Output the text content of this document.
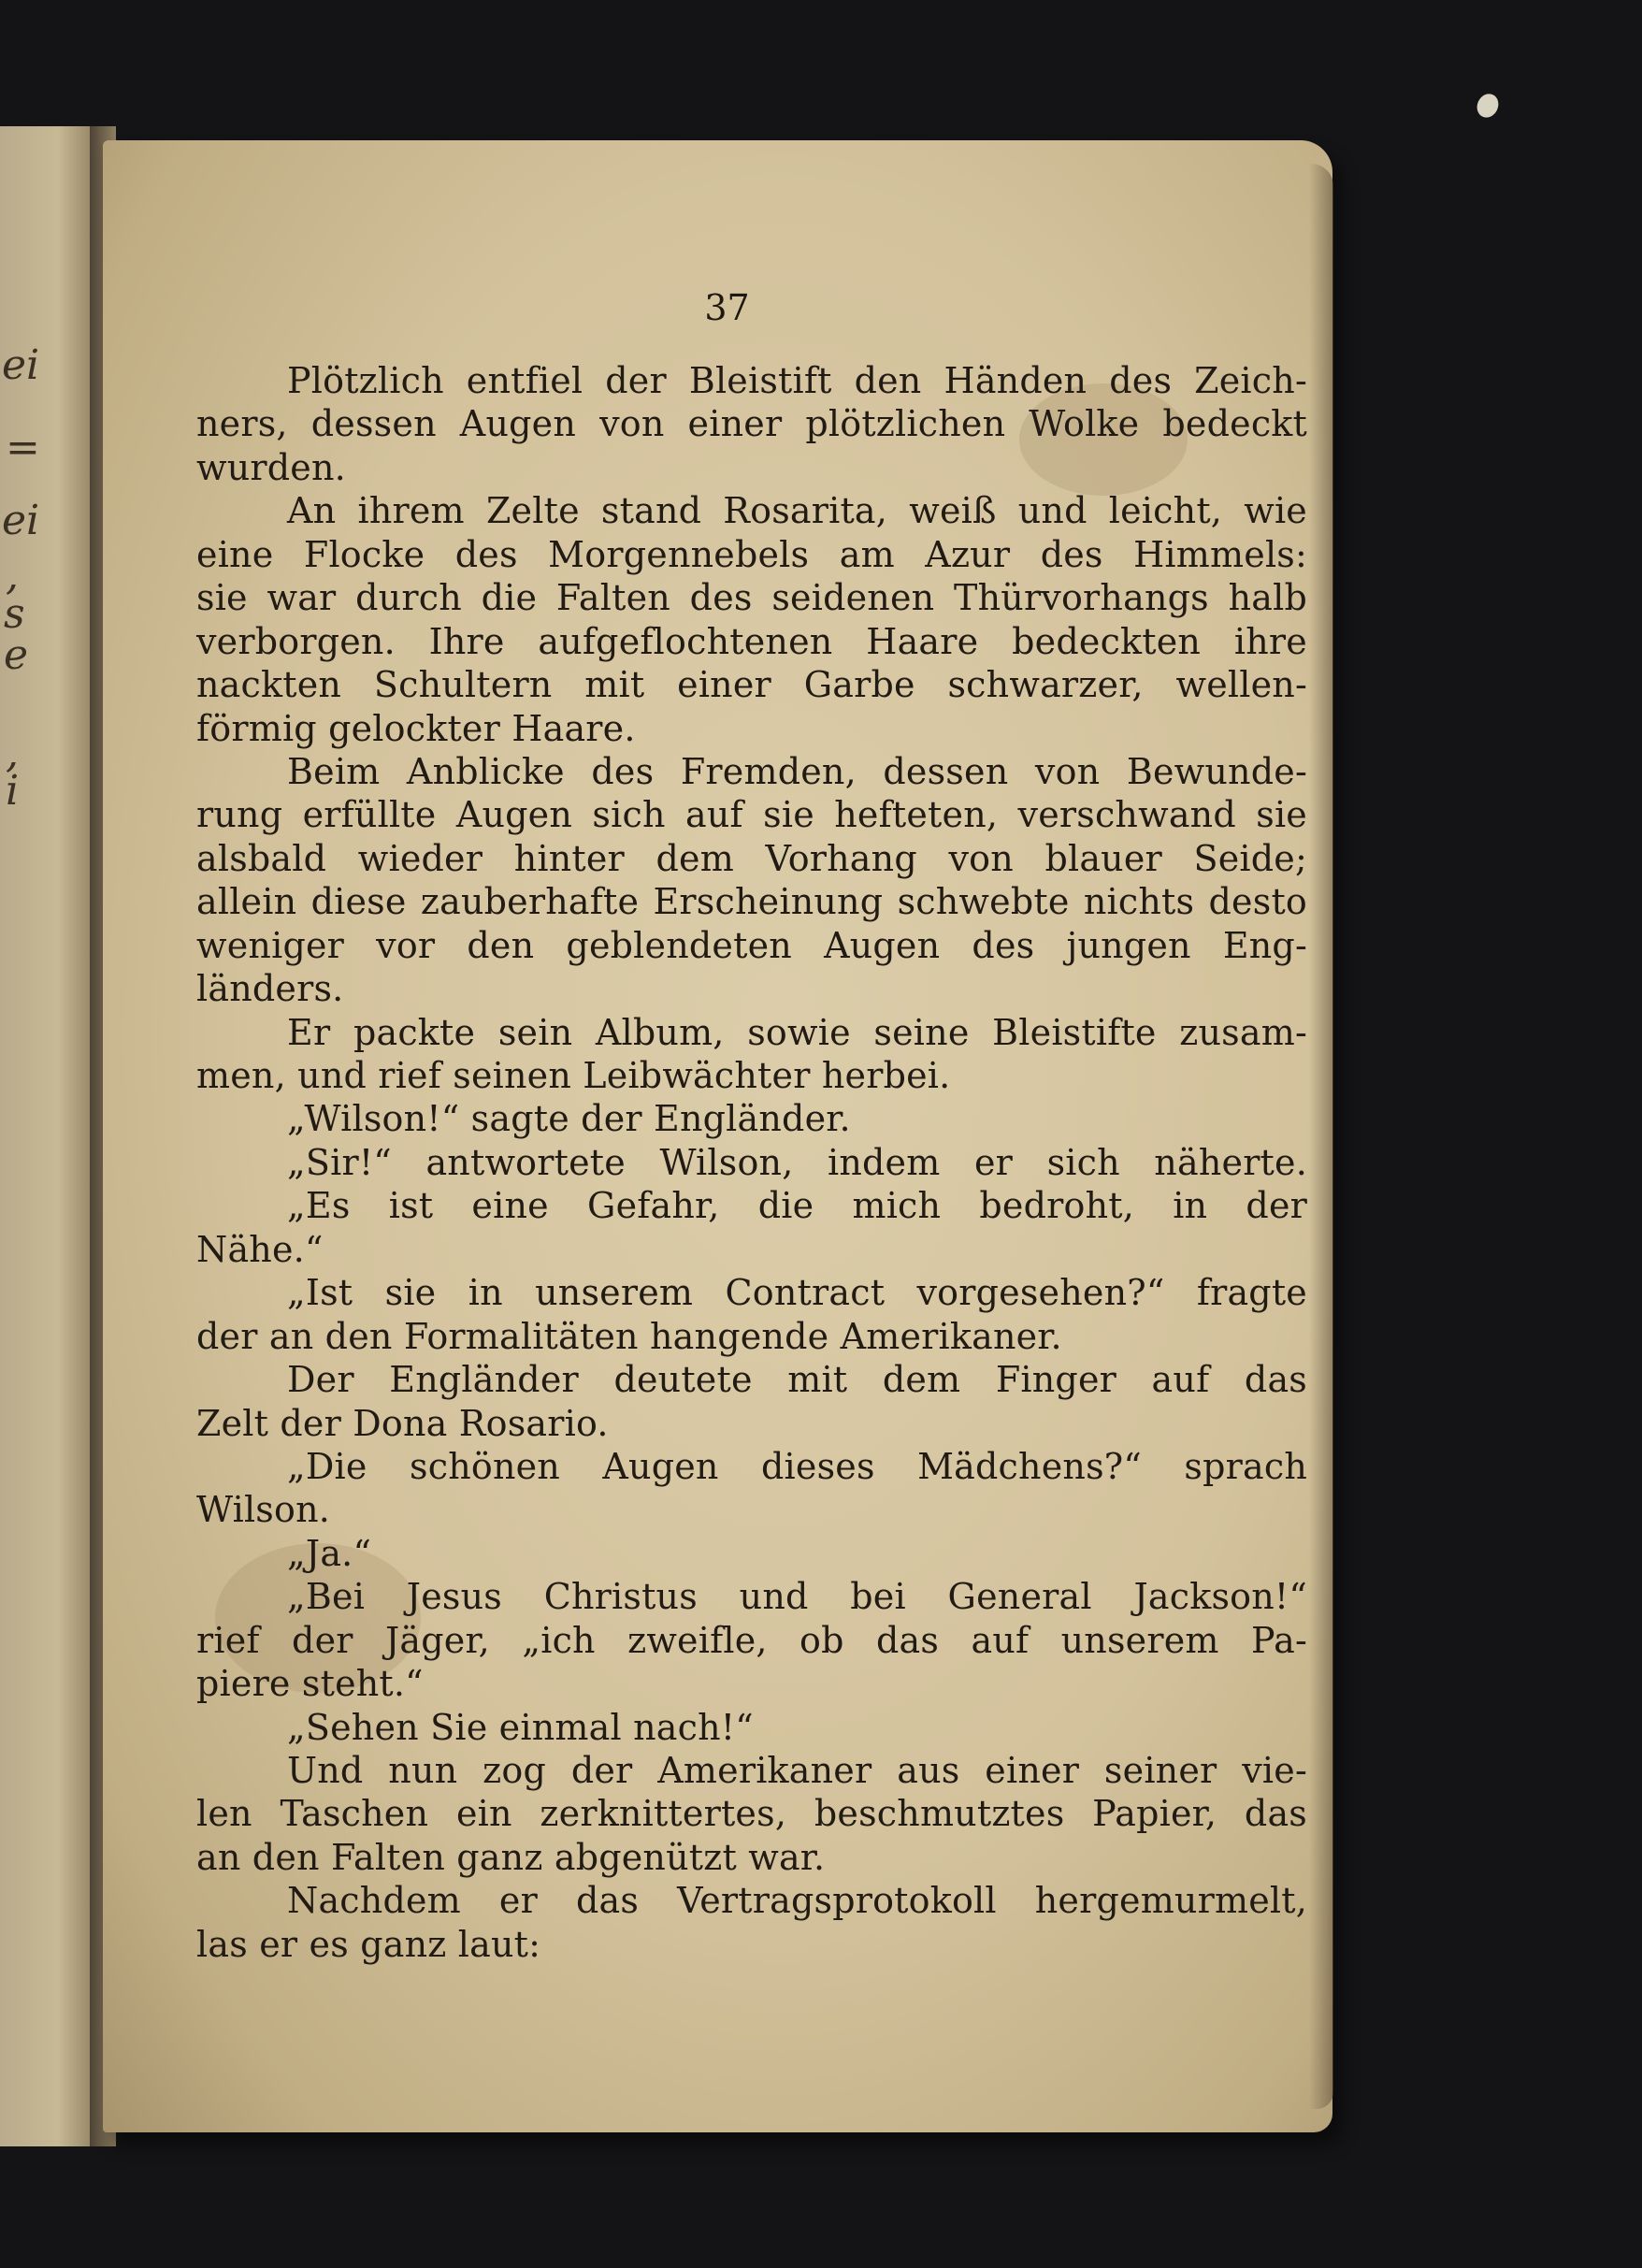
ei
=
ei
,
s
e
,
i
37
Plötzlich entfiel der Bleistift den Händen des Zeich-
ners, dessen Augen von einer plötzlichen Wolke bedeckt
wurden.
An ihrem Zelte stand Rosarita, weiß und leicht, wie
eine Flocke des Morgennebels am Azur des Himmels:
sie war durch die Falten des seidenen Thürvorhangs halb
verborgen. Ihre aufgeflochtenen Haare bedeckten ihre
nackten Schultern mit einer Garbe schwarzer, wellen-
förmig gelockter Haare.
Beim Anblicke des Fremden, dessen von Bewunde-
rung erfüllte Augen sich auf sie hefteten, verschwand sie
alsbald wieder hinter dem Vorhang von blauer Seide;
allein diese zauberhafte Erscheinung schwebte nichts desto
weniger vor den geblendeten Augen des jungen Eng-
länders.
Er packte sein Album, sowie seine Bleistifte zusam-
men, und rief seinen Leibwächter herbei.
„Wilson!“ sagte der Engländer.
„Sir!“ antwortete Wilson, indem er sich näherte.
„Es ist eine Gefahr, die mich bedroht, in der
Nähe.“
„Ist sie in unserem Contract vorgesehen?“ fragte
der an den Formalitäten hangende Amerikaner.
Der Engländer deutete mit dem Finger auf das
Zelt der Dona Rosario.
„Die schönen Augen dieses Mädchens?“ sprach
Wilson.
„Ja.“
„Bei Jesus Christus und bei General Jackson!“
rief der Jäger, „ich zweifle, ob das auf unserem Pa-
piere steht.“
„Sehen Sie einmal nach!“
Und nun zog der Amerikaner aus einer seiner vie-
len Taschen ein zerknittertes, beschmutztes Papier, das
an den Falten ganz abgenützt war.
Nachdem er das Vertragsprotokoll hergemurmelt,
las er es ganz laut:
